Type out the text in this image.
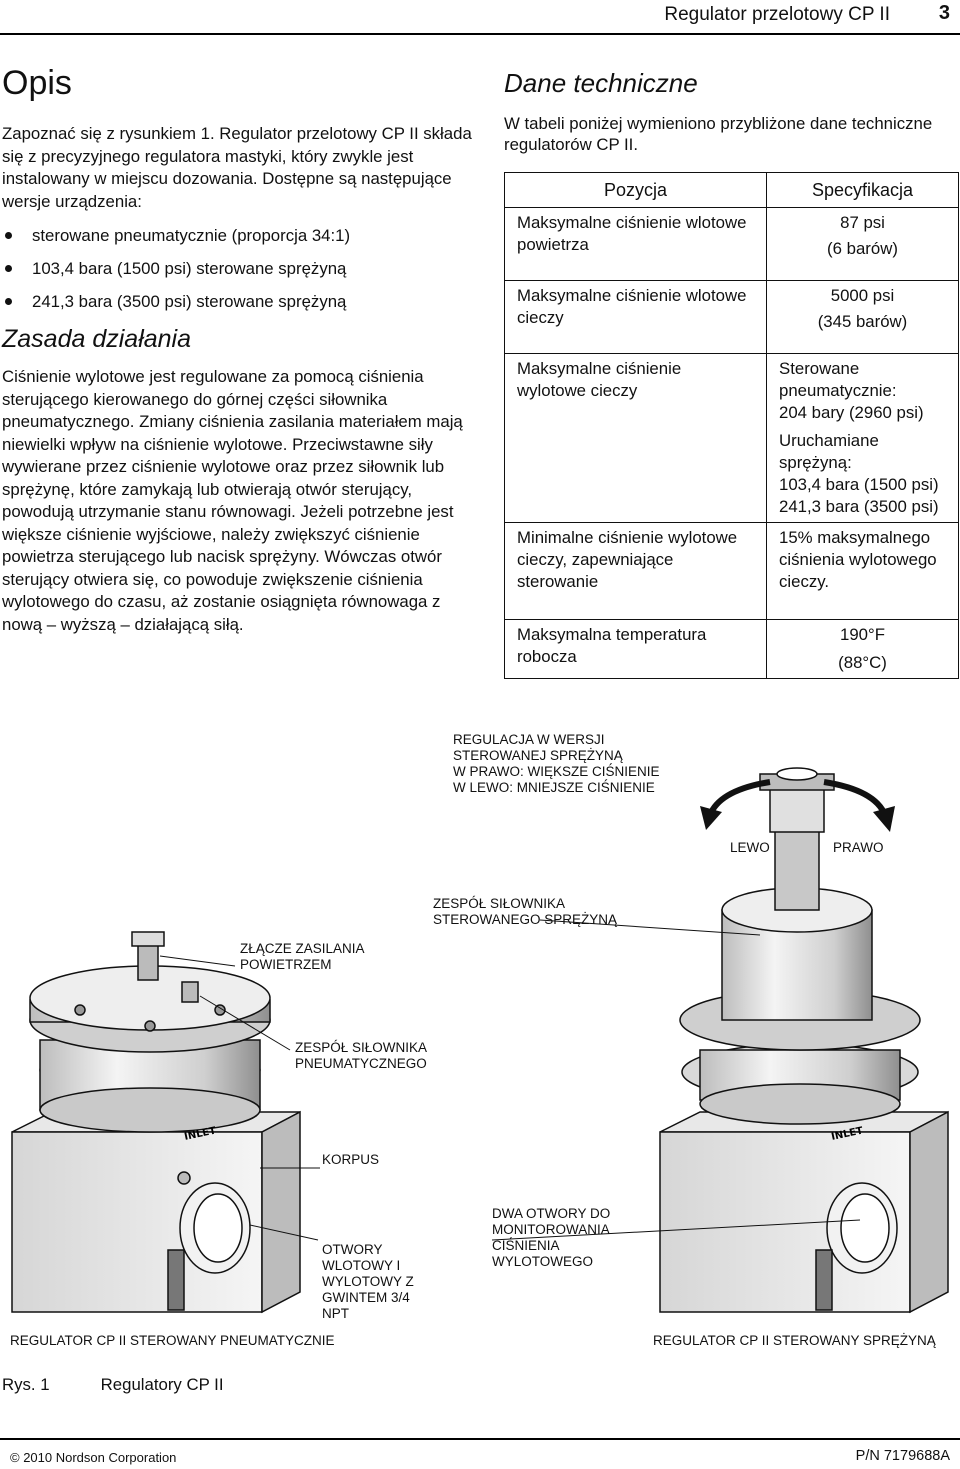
Regulator przelotowy CP II 3
Opis

Zapoznać się z rysunkiem 1. Regulator przelotowy CP II składa się z precyzyjnego regulatora mastyki, który zwykle jest instalowany w miejscu dozowania. Dostępne są następujące wersje urządzenia:

sterowane pneumatycznie (proporcja 34:1)
103,4 bara (1500 psi) sterowane sprężyną
241,3 bara (3500 psi) sterowane sprężyną
Zasada działania

Ciśnienie wylotowe jest regulowane za pomocą ciśnienia sterującego kierowanego do górnej części siłownika pneumatycznego. Zmiany ciśnienia zasilania materiałem mają niewielki wpływ na ciśnienie wylotowe. Przeciwstawne siły wywierane przez ciśnienie wylotowe oraz przez siłownik lub sprężynę, które zamykają lub otwierają otwór sterujący, powodują utrzymanie stanu równowagi. Jeżeli potrzebne jest większe ciśnienie wyjściowe, należy zwiększyć ciśnienie powietrza sterującego lub nacisk sprężyny. Wówczas otwór sterujący otwiera się, co powoduje zwiększenie ciśnienia wylotowego do czasu, aż zostanie osiągnięta równowaga z nową – wyższą – działającą siłą.

Dane techniczne

W tabeli poniżej wymieniono przybliżone dane techniczne regulatorów CP II.

Pozycja	Specyfikacja
Maksymalne ciśnienie wlotowe powietrza	87 psi
(6 barów)

Maksymalne ciśnienie wlotowe cieczy	5000 psi
(345 barów)

Maksymalne ciśnienie wylotowe cieczy	Sterowane pneumatycznie:
204 bary (2960 psi)
Uruchamiane sprężyną:
103,4 bara (1500 psi)
241,3 bara (3500 psi)

Minimalne ciśnienie wylotowe cieczy, zapewniające sterowanie	15% maksymalnego ciśnienia wylotowego cieczy.
Maksymalna temperatura robocza	190°F
(88°C)
INLET	INLET
REGULACJA W WERSJI
STEROWANEJ SPRĘŻYNĄ
W PRAWO: WIĘKSZE CIŚNIENIE
W LEWO: MNIEJSZE CIŚNIENIE
LEWO	PRAWO
ZESPÓŁ SIŁOWNIKA
STEROWANEGO SPRĘŻYNĄ
ZŁĄCZE ZASILANIA
POWIETRZEM
ZESPÓŁ SIŁOWNIKA
PNEUMATYCZNEGO
KORPUS
OTWORY
WLOTOWY I
WYLOTOWY Z
GWINTEM 3/4
NPT
DWA OTWORY DO
MONITOROWANIA
CIŚNIENIA
WYLOTOWEGO
REGULATOR CP II STEROWANY PNEUMATYCZNIE	REGULATOR CP II STEROWANY SPRĘŻYNĄ
Rys. 1	Regulatory CP II
© 2010 Nordson Corporation	P/N 7179688A
